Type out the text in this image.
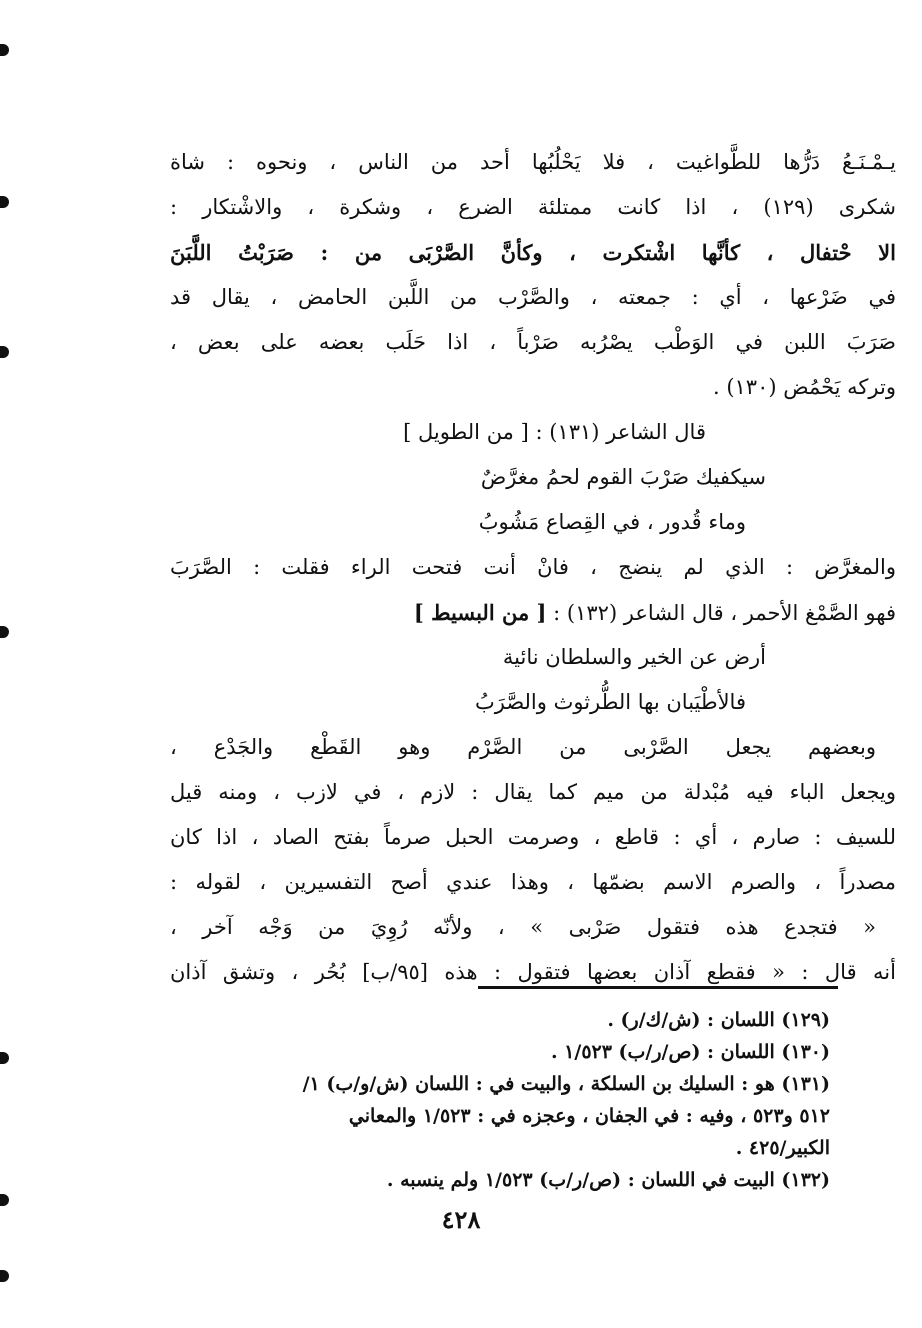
يـمْـنَـعُ دَرُّها للطَّواغيت ، فلا يَحْلُبُها أحد من الناس ، ونحوه : شاة
شكرى (١٢٩) ، اذا كانت ممتلئة الضرع ، وشكرة ، والاشْتكار :
الا حْتفال ، كأنَّها اشْتكرت ، وكأنَّ الصَّرْبَى من : صَرَبْتُ اللَّبَنَ
في ضَرْعها ، أي : جمعته ، والصَّرْب من اللَّبن الحامض ، يقال قد
صَرَبَ اللبن في الوَطْب يصْرُبه صَرْباً ، اذا حَلَب بعضه على بعض ،
وتركه يَحْمُض (١٣٠) .
قال الشاعر (١٣١) : [ من الطويل ]
سيكفيك صَرْبَ القوم لحمُ مغرَّضٌ
وماء قُدور ، في القِصاع مَشُوبُ
والمغرَّض : الذي لم ينضج ، فانْ أنت فتحت الراء فقلت : الصَّرَبَ
فهو الصَّمْغ الأحمر ، قال الشاعر (١٣٢) : [ من البسيط ]
أرض عن الخير والسلطان نائية
فالأطْيَبان بها الطُّرثوث والصَّرَبُ
وبعضهم يجعل الصَّرْبى من الصَّرْم وهو القَطْع والجَدْع ،
ويجعل الباء فيه مُبْدلة من ميم كما يقال : لازم ، في لازب ، ومنه قيل
للسيف : صارم ، أي : قاطع ، وصرمت الحبل صرماً بفتح الصاد ، اذا كان
مصدراً ، والصرم الاسم بضمّها ، وهذا عندي أصح التفسيرين ، لقوله :
« فتجدع هذه فتقول صَرْبى » ، ولأنّه رُوِيَ من وَجْه آخر ،
أنه قال : « فقطع آذان بعضها فتقول : هذه [٩٥/ب] بُحُر ، وتشق آذان
(١٢٩) اللسان : (ش/ك/ر) .
(١٣٠) اللسان : (ص/ر/ب) ١/٥٢٣ .
(١٣١) هو : السليك بن السلكة ، والبيت في : اللسان (ش/و/ب) ١/
٥١٢ و٥٢٣ ، وفيه : في الجفان ، وعجزه في : ١/٥٢٣ والمعاني
الكبير/٤٢٥ .
(١٣٢) البيت في اللسان : (ص/ر/ب) ١/٥٢٣ ولم ينسبه .
٤٢٨
